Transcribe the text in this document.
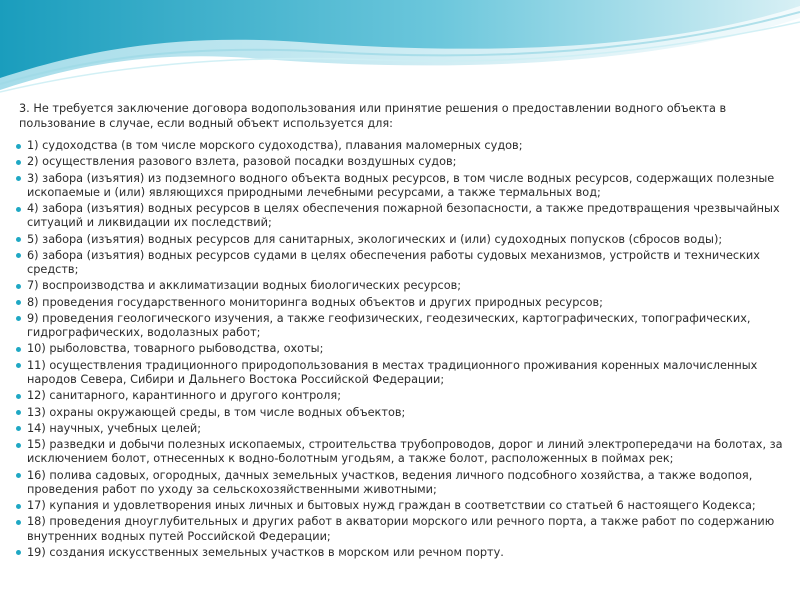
3. Не требуется заключение договора водопользования или принятие решения о предоставлении водного объекта в пользование в случае, если водный объект используется для:

1) судоходства (в том числе морского судоходства), плавания маломерных судов;
2) осуществления разового взлета, разовой посадки воздушных судов;
3) забора (изъятия) из подземного водного объекта водных ресурсов, в том числе водных ресурсов, содержащих полезные ископаемые и (или) являющихся природными лечебными ресурсами, а также термальных вод;
4) забора (изъятия) водных ресурсов в целях обеспечения пожарной безопасности, а также предотвращения чрезвычайных ситуаций и ликвидации их последствий;
5) забора (изъятия) водных ресурсов для санитарных, экологических и (или) судоходных попусков (сбросов воды);
6) забора (изъятия) водных ресурсов судами в целях обеспечения работы судовых механизмов, устройств и технических средств;
7) воспроизводства и акклиматизации водных биологических ресурсов;
8) проведения государственного мониторинга водных объектов и других природных ресурсов;
9) проведения геологического изучения, а также геофизических, геодезических, картографических, топографических, гидрографических, водолазных работ;
10) рыболовства, товарного рыбоводства, охоты;
11) осуществления традиционного природопользования в местах традиционного проживания коренных малочисленных народов Севера, Сибири и Дальнего Востока Российской Федерации;
12) санитарного, карантинного и другого контроля;
13) охраны окружающей среды, в том числе водных объектов;
14) научных, учебных целей;
15) разведки и добычи полезных ископаемых, строительства трубопроводов, дорог и линий электропередачи на болотах, за исключением болот, отнесенных к водно-болотным угодьям, а также болот, расположенных в поймах рек;
16) полива садовых, огородных, дачных земельных участков, ведения личного подсобного хозяйства, а также водопоя, проведения работ по уходу за сельскохозяйственными животными;
17) купания и удовлетворения иных личных и бытовых нужд граждан в соответствии со статьей 6 настоящего Кодекса;
18) проведения дноуглубительных и других работ в акватории морского или речного порта, а также работ по содержанию внутренних водных путей Российской Федерации;
19) создания искусственных земельных участков в морском или речном порту.
